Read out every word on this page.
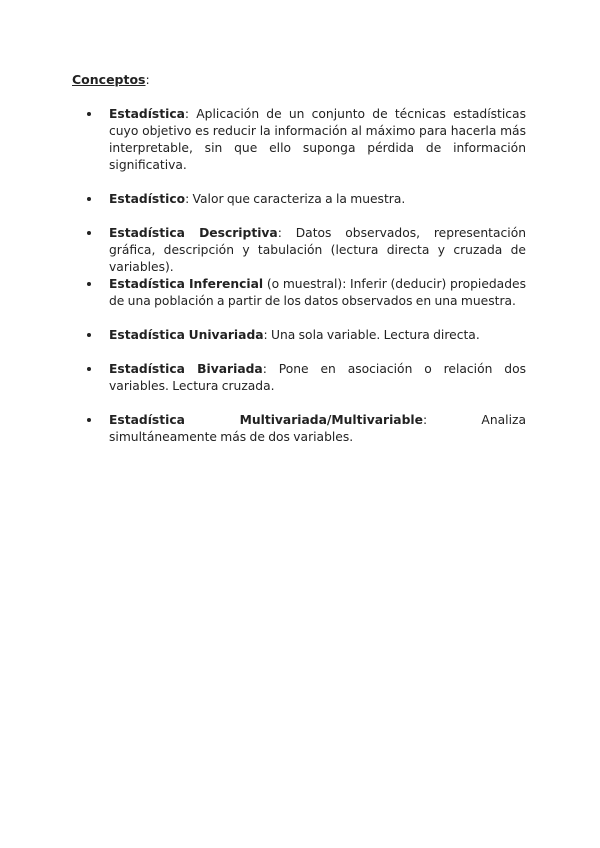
Conceptos:
Estadística: Aplicación de un conjunto de técnicas estadísticas cuyo objetivo es reducir la información al máximo para hacerla más interpretable, sin que ello suponga pérdida de información significativa.
Estadístico: Valor que caracteriza a la muestra.
Estadística Descriptiva: Datos observados, representación gráfica, descripción y tabulación (lectura directa y cruzada de variables).
Estadística Inferencial (o muestral): Inferir (deducir) propiedades de una población a partir de los datos observados en una muestra.
Estadística Univariada: Una sola variable. Lectura directa.
Estadística Bivariada: Pone en asociación o relación dos variables. Lectura cruzada.
Estadística Multivariada/Multivariable: Analiza simultáneamente más de dos variables.
